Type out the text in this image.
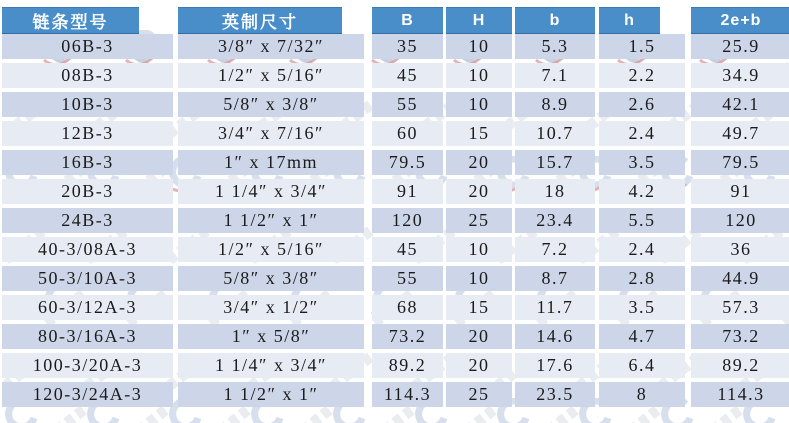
链条型号	英制尺寸	B	H	b	h	2e+b
06B-3	3/8″ x 7/32″	35	10	5.3	1.5	25.9
08B-3	1/2″ x 5/16″	45	10	7.1	2.2	34.9
10B-3	5/8″ x 3/8″	55	10	8.9	2.6	42.1
12B-3	3/4″ x 7/16″	60	15	10.7	2.4	49.7
16B-3	1″ x 17mm	79.5	20	15.7	3.5	79.5
20B-3	1 1/4″ x 3/4″	91	20	18	4.2	91
24B-3	1 1/2″ x 1″	120	25	23.4	5.5	120
40-3/08A-3	1/2″ x 5/16″	45	10	7.2	2.4	36
50-3/10A-3	5/8″ x 3/8″	55	10	8.7	2.8	44.9
60-3/12A-3	3/4″ x 1/2″	68	15	11.7	3.5	57.3
80-3/16A-3	1″ x 5/8″	73.2	20	14.6	4.7	73.2
100-3/20A-3	1 1/4″ x 3/4″	89.2	20	17.6	6.4	89.2
120-3/24A-3	1 1/2″ x 1″	114.3	25	23.5	8	114.3
